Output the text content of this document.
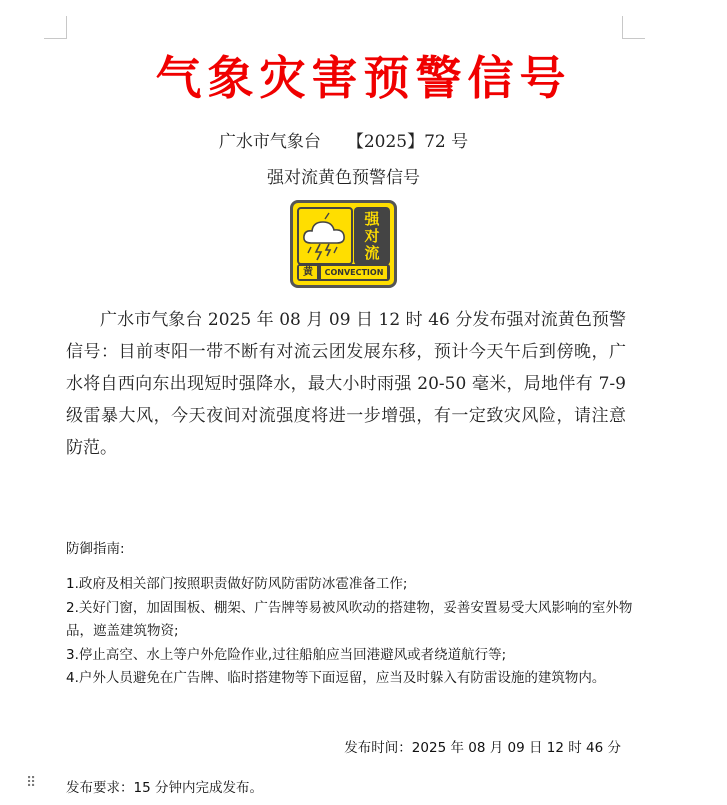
气象灾害预警信号
广水市气象台 【2025】72 号
强对流黄色预警信号
强
对
流
黄	CONVECTION
广水市气象台 2025 年 08 月 09 日 12 时 46 分发布强对流黄色预警信号：目前枣阳一带不断有对流云团发展东移，预计今天午后到傍晚，广水将自西向东出现短时强降水，最大小时雨强 20-50 毫米，局地伴有 7-9 级雷暴大风，今天夜间对流强度将进一步增强，有一定致灾风险，请注意防范。
防御指南:

1.政府及相关部门按照职责做好防风防雷防冰雹准备工作;

2.关好门窗，加固围板、棚架、广告牌等易被风吹动的搭建物，妥善安置易受大风影响的室外物品，遮盖建筑物资;

3.停止高空、水上等户外危险作业,过往船舶应当回港避风或者绕道航行等;

4.户外人员避免在广告牌、临时搭建物等下面逗留，应当及时躲入有防雷设施的建筑物内。

发布时间：2025 年 08 月 09 日 12 时 46 分
⠿ 发布要求：15 分钟内完成发布。
